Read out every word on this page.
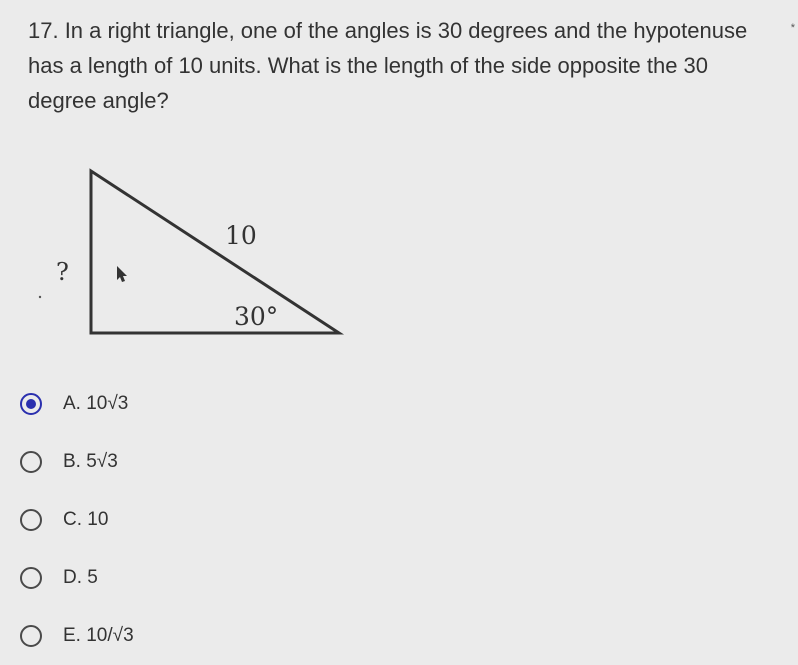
17. In a right triangle, one of the angles is 30 degrees and the hypotenuse has a length of 10 units. What is the length of the side opposite the 30 degree angle?
*
10
30°
?
A. 10√3
B. 5√3
C. 10
D. 5
E. 10/√3
